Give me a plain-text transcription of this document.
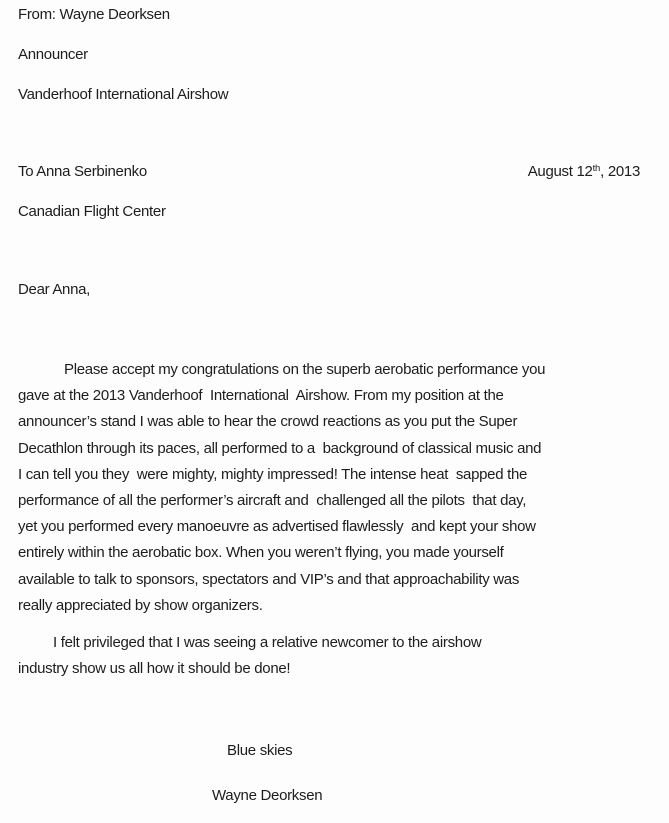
From: Wayne Deorksen
Announcer
Vanderhoof International Airshow
To Anna Serbinenko	August 12th, 2013
Canadian Flight Center
Dear Anna,
Please accept my congratulations on the superb aerobatic performance you
gave at the 2013 Vanderhoof  International  Airshow. From my position at the
announcer’s stand I was able to hear the crowd reactions as you put the Super
Decathlon through its paces, all performed to a  background of classical music and
I can tell you they  were mighty, mighty impressed! The intense heat  sapped the
performance of all the performer’s aircraft and  challenged all the pilots  that day,
yet you performed every manoeuvre as advertised flawlessly  and kept your show
entirely within the aerobatic box. When you weren’t flying, you made yourself
available to talk to sponsors, spectators and VIP’s and that approachability was
really appreciated by show organizers.
I felt privileged that I was seeing a relative newcomer to the airshow
industry show us all how it should be done!
Blue skies
Wayne Deorksen
